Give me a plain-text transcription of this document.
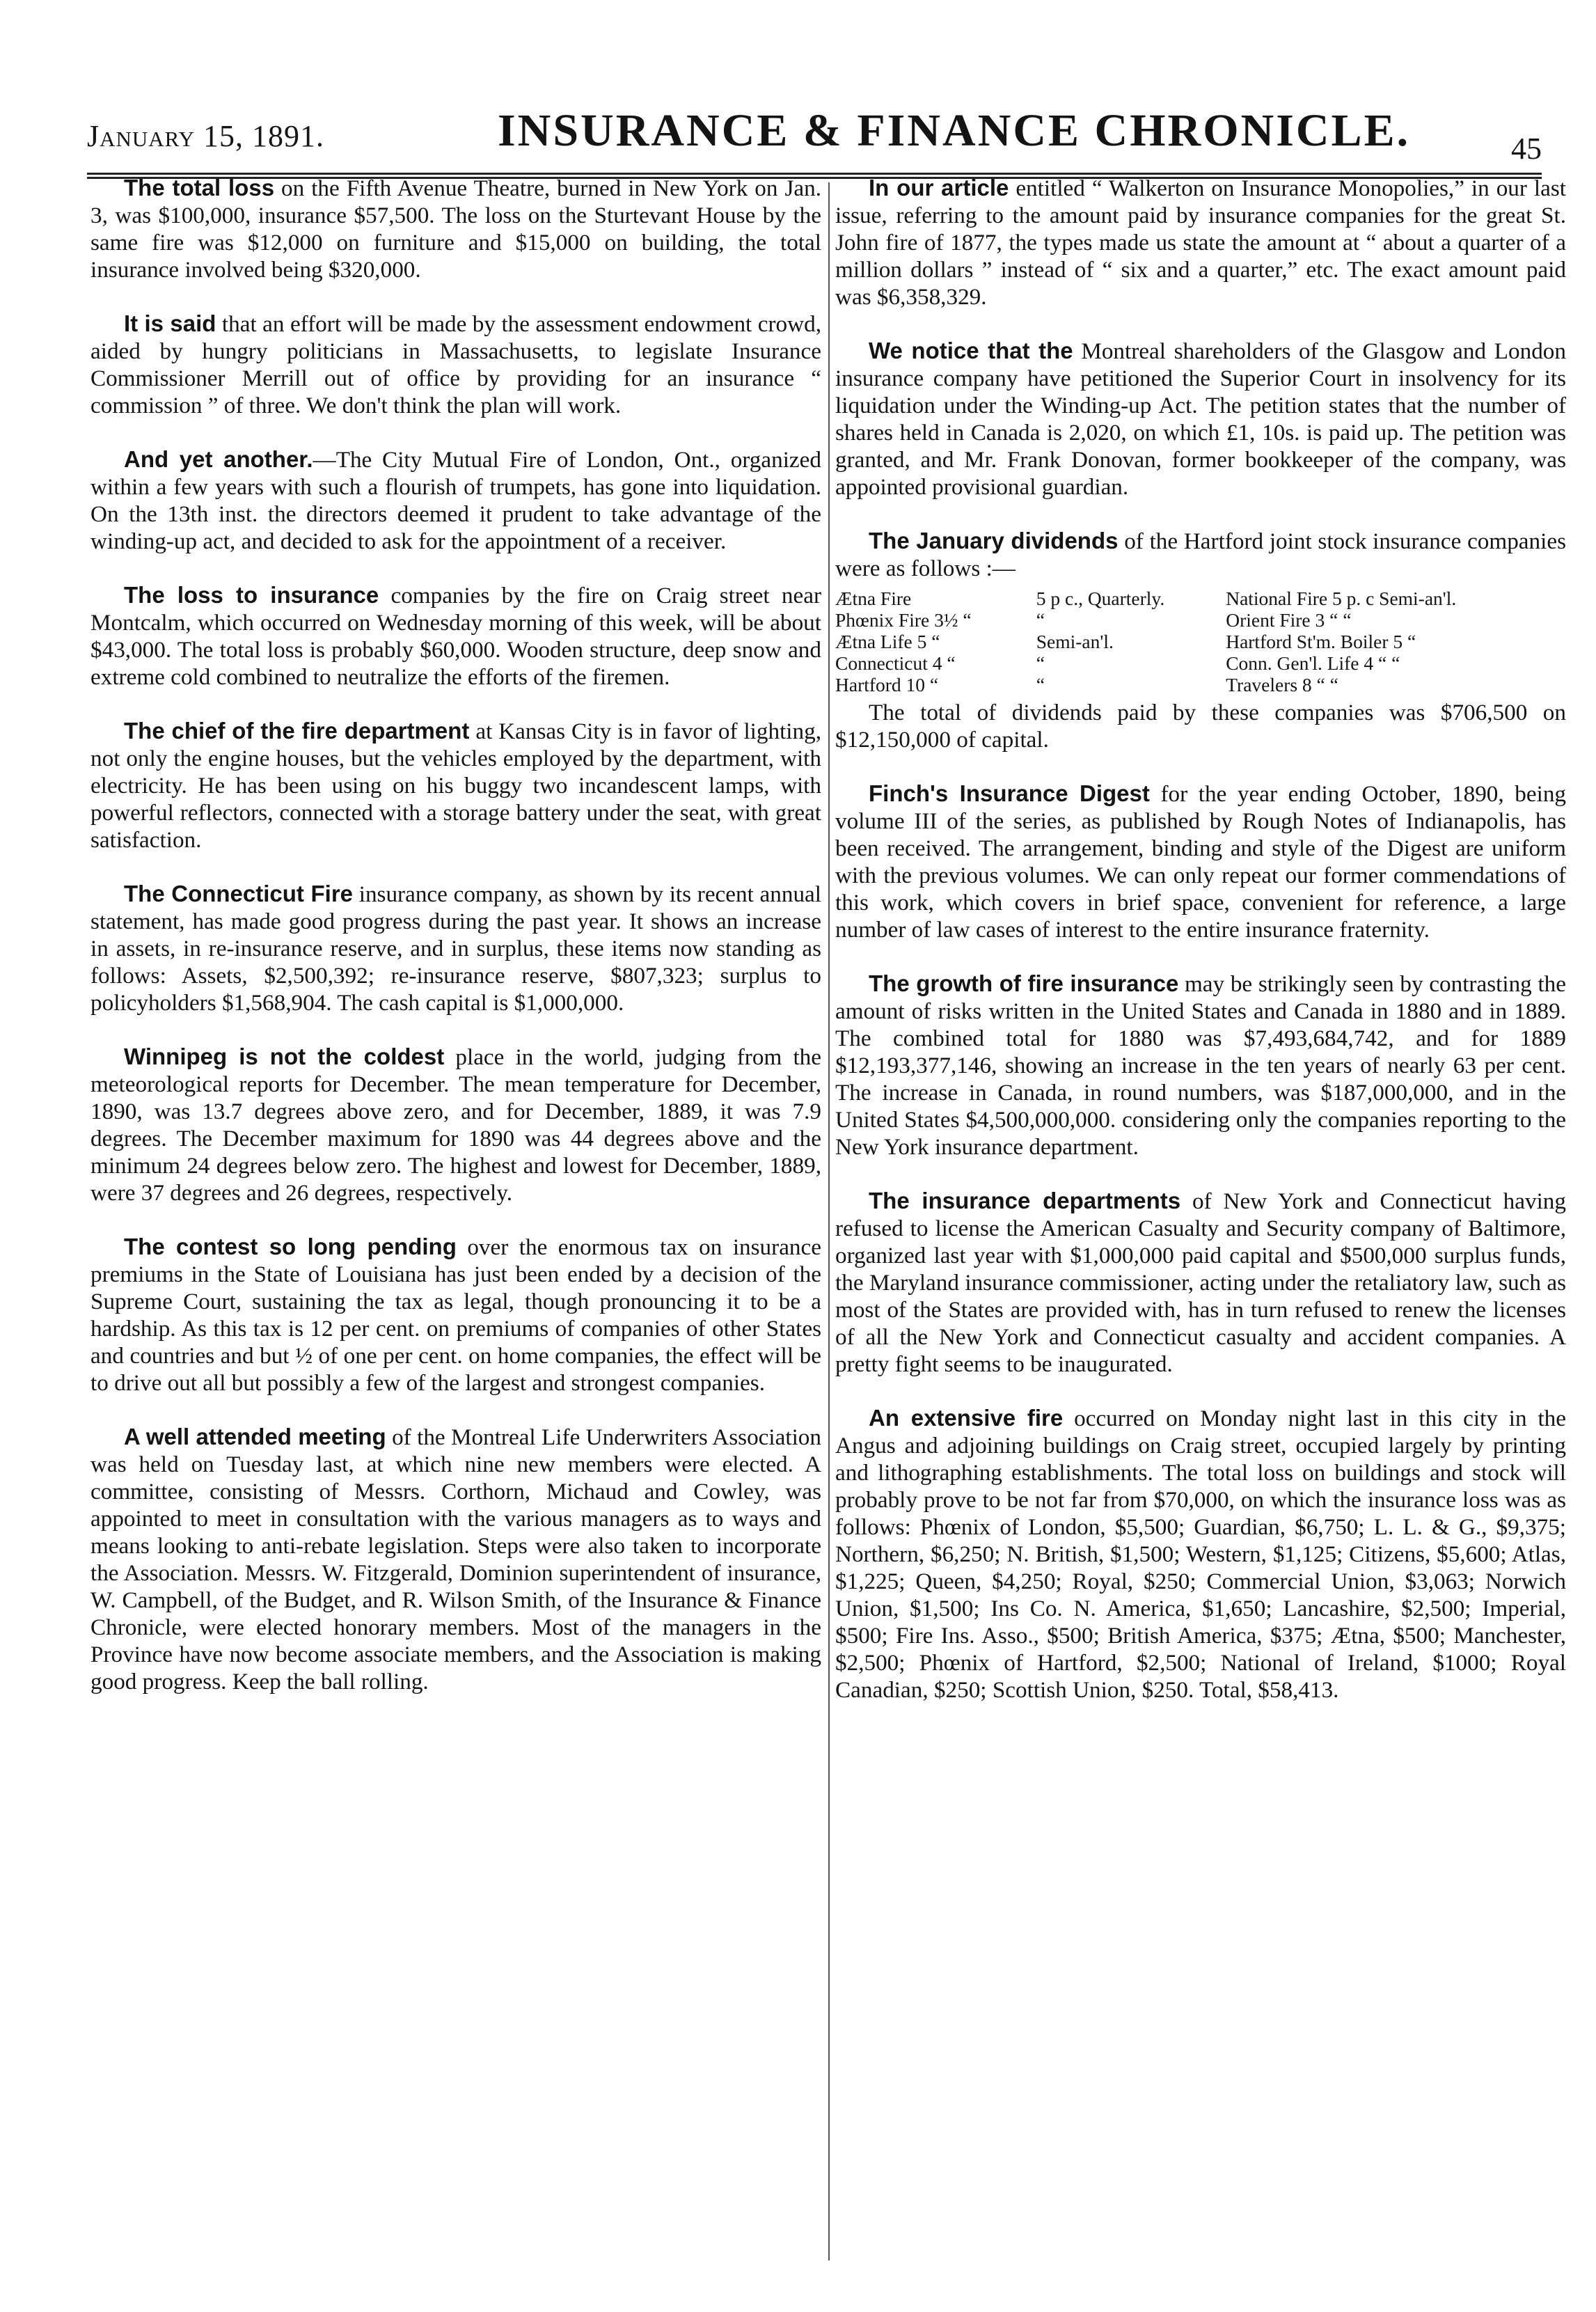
January 15, 1891.	INSURANCE & FINANCE CHRONICLE.	45

The total loss on the Fifth Avenue Theatre, burned in New York on Jan. 3, was $100,000, insurance $57,500. The loss on the Sturtevant House by the same fire was $12,000 on furniture and $15,000 on building, the total insurance involved being $320,000.

It is said that an effort will be made by the assessment endowment crowd, aided by hungry politicians in Massachusetts, to legislate Insurance Commissioner Merrill out of office by providing for an insurance “ commission ” of three. We don't think the plan will work.

And yet another.—The City Mutual Fire of London, Ont., organized within a few years with such a flourish of trumpets, has gone into liquidation. On the 13th inst. the directors deemed it prudent to take advantage of the winding-up act, and decided to ask for the appointment of a receiver.

The loss to insurance companies by the fire on Craig street near Montcalm, which occurred on Wednesday morning of this week, will be about $43,000. The total loss is probably $60,000. Wooden structure, deep snow and extreme cold combined to neutralize the efforts of the firemen.

The chief of the fire department at Kansas City is in favor of lighting, not only the engine houses, but the vehicles employed by the department, with electricity. He has been using on his buggy two incandescent lamps, with powerful reflectors, connected with a storage battery under the seat, with great satisfaction.

The Connecticut Fire insurance company, as shown by its recent annual statement, has made good progress during the past year. It shows an increase in assets, in re-insurance reserve, and in surplus, these items now standing as follows: Assets, $2,500,392; re-insurance reserve, $807,323; surplus to policyholders $1,568,904. The cash capital is $1,000,000.

Winnipeg is not the coldest place in the world, judging from the meteorological reports for December. The mean temperature for December, 1890, was 13.7 degrees above zero, and for December, 1889, it was 7.9 degrees. The December maximum for 1890 was 44 degrees above and the minimum 24 degrees below zero. The highest and lowest for December, 1889, were 37 degrees and 26 degrees, respectively.

The contest so long pending over the enormous tax on insurance premiums in the State of Louisiana has just been ended by a decision of the Supreme Court, sustaining the tax as legal, though pronouncing it to be a hardship. As this tax is 12 per cent. on premiums of companies of other States and countries and but ½ of one per cent. on home companies, the effect will be to drive out all but possibly a few of the largest and strongest companies.

A well attended meeting of the Montreal Life Underwriters Association was held on Tuesday last, at which nine new members were elected. A committee, consisting of Messrs. Corthorn, Michaud and Cowley, was appointed to meet in consultation with the various managers as to ways and means looking to anti-rebate legislation. Steps were also taken to incorporate the Association. Messrs. W. Fitzgerald, Dominion superintendent of insurance, W. Campbell, of the Budget, and R. Wilson Smith, of the Insurance & Finance Chronicle, were elected honorary members. Most of the managers in the Province have now become associate members, and the Association is making good progress. Keep the ball rolling.

In our article entitled “ Walkerton on Insurance Monopolies,” in our last issue, referring to the amount paid by insurance companies for the great St. John fire of 1877, the types made us state the amount at “ about a quarter of a million dollars ” instead of “ six and a quarter,” etc. The exact amount paid was $6,358,329.

We notice that the Montreal shareholders of the Glasgow and London insurance company have petitioned the Superior Court in insolvency for its liquidation under the Winding-up Act. The petition states that the number of shares held in Canada is 2,020, on which £1, 10s. is paid up. The petition was granted, and Mr. Frank Donovan, former bookkeeper of the company, was appointed provisional guardian.

The January dividends of the Hartford joint stock insurance companies were as follows :—

Ætna Fire	5 p c., Quarterly.	National Fire 5 p. c Semi-an'l.
Phœnix Fire 3½ “	“	Orient Fire 3 “ “
Ætna Life 5 “	Semi-an'l.	Hartford St'm. Boiler 5 “
Connecticut 4 “	“	Conn. Gen'l. Life 4 “ “
Hartford 10 “	“	Travelers 8 “ “

The total of dividends paid by these companies was $706,500 on $12,150,000 of capital.

Finch's Insurance Digest for the year ending October, 1890, being volume III of the series, as published by Rough Notes of Indianapolis, has been received. The arrangement, binding and style of the Digest are uniform with the previous volumes. We can only repeat our former commendations of this work, which covers in brief space, convenient for reference, a large number of law cases of interest to the entire insurance fraternity.

The growth of fire insurance may be strikingly seen by contrasting the amount of risks written in the United States and Canada in 1880 and in 1889. The combined total for 1880 was $7,493,684,742, and for 1889 $12,193,377,146, showing an increase in the ten years of nearly 63 per cent. The increase in Canada, in round numbers, was $187,000,000, and in the United States $4,500,000,000. considering only the companies reporting to the New York insurance department.

The insurance departments of New York and Connecticut having refused to license the American Casualty and Security company of Baltimore, organized last year with $1,000,000 paid capital and $500,000 surplus funds, the Maryland insurance commissioner, acting under the retaliatory law, such as most of the States are provided with, has in turn refused to renew the licenses of all the New York and Connecticut casualty and accident companies. A pretty fight seems to be inaugurated.

An extensive fire occurred on Monday night last in this city in the Angus and adjoining buildings on Craig street, occupied largely by printing and lithographing establishments. The total loss on buildings and stock will probably prove to be not far from $70,000, on which the insurance loss was as follows: Phœnix of London, $5,500; Guardian, $6,750; L. L. & G., $9,375; Northern, $6,250; N. British, $1,500; Western, $1,125; Citizens, $5,600; Atlas, $1,225; Queen, $4,250; Royal, $250; Commercial Union, $3,063; Norwich Union, $1,500; Ins Co. N. America, $1,650; Lancashire, $2,500; Imperial, $500; Fire Ins. Asso., $500; British America, $375; Ætna, $500; Manchester, $2,500; Phœnix of Hartford, $2,500; National of Ireland, $1000; Royal Canadian, $250; Scottish Union, $250. Total, $58,413.
